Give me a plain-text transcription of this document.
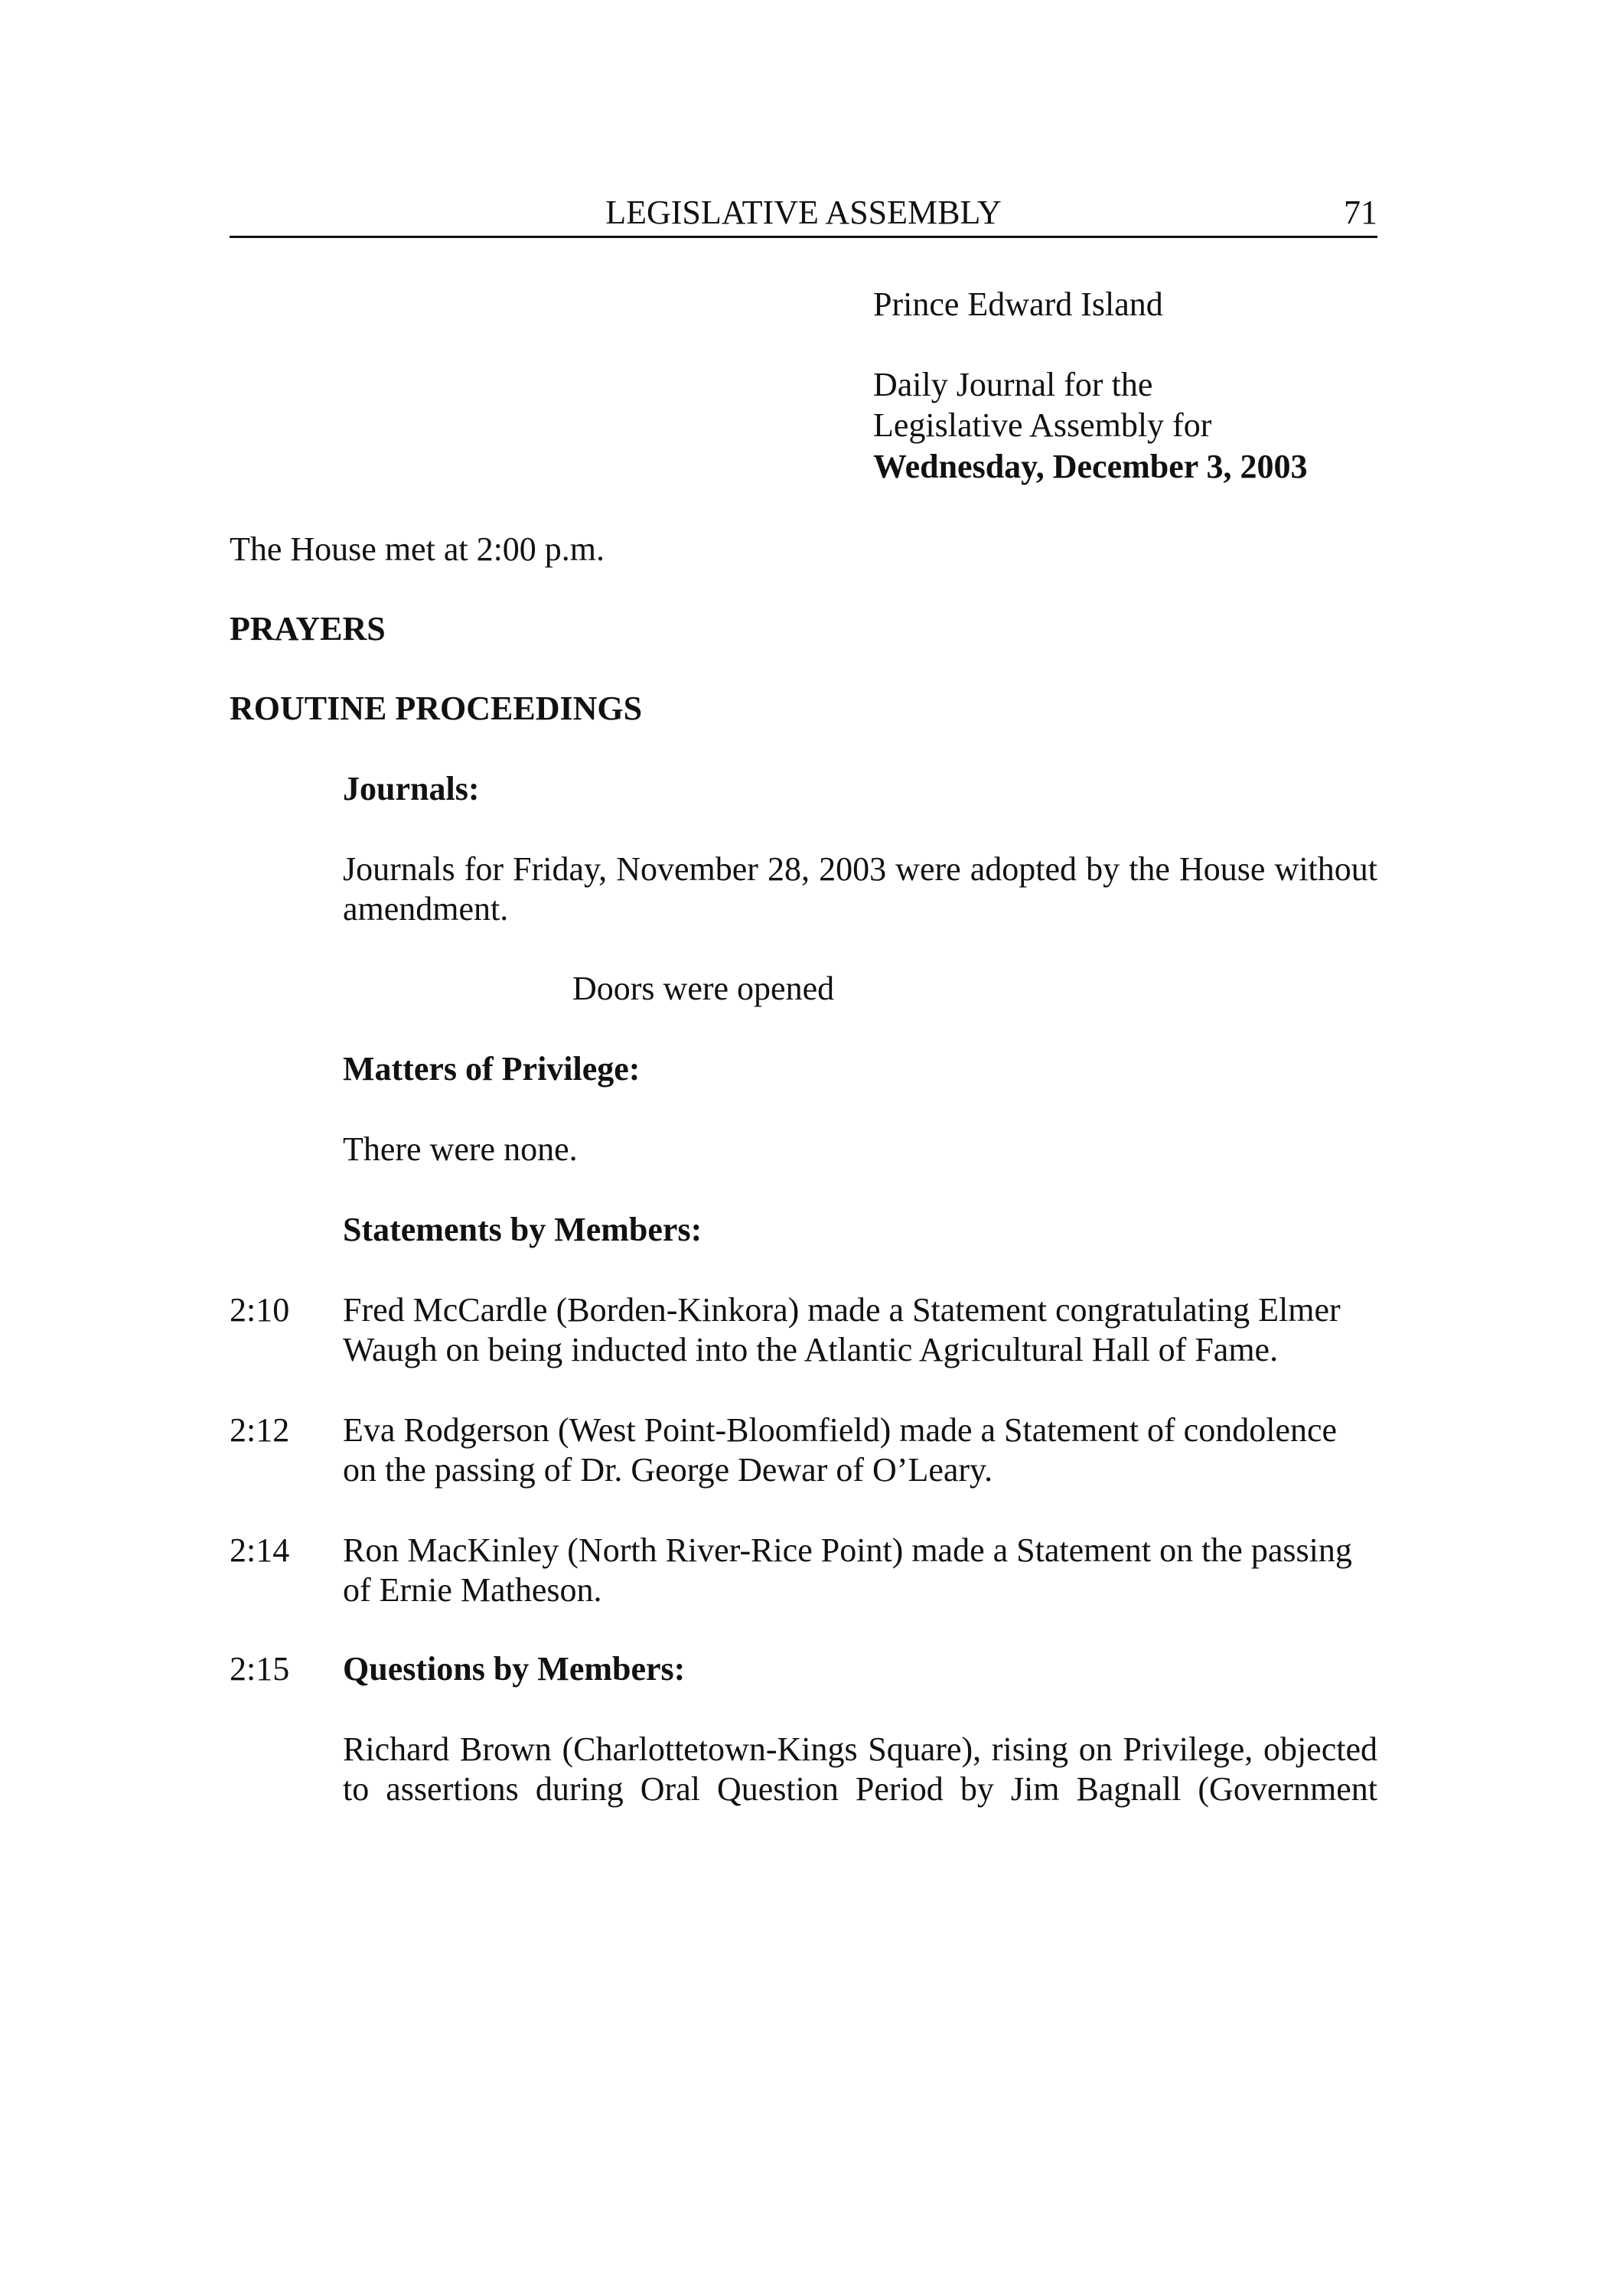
LEGISLATIVE ASSEMBLY	71
Prince Edward Island
Daily Journal for the
Legislative Assembly for
Wednesday, December 3, 2003
The House met at 2:00 p.m.
PRAYERS
ROUTINE PROCEEDINGS
Journals:
Journals for Friday, November 28, 2003 were adopted by the House without amendment.
Doors were opened
Matters of Privilege:
There were none.
Statements by Members:
2:10	Fred McCardle (Borden-Kinkora) made a Statement congratulating Elmer Waugh on being inducted into the Atlantic Agricultural Hall of Fame.
2:12	Eva Rodgerson (West Point-Bloomfield) made a Statement of condolence on the passing of Dr. George Dewar of O’Leary.
2:14	Ron MacKinley (North River-Rice Point) made a Statement on the passing of Ernie Matheson.
2:15	Questions by Members:
Richard Brown (Charlottetown-Kings Square), rising on Privilege, objected to assertions during Oral Question Period by Jim Bagnall (Government
